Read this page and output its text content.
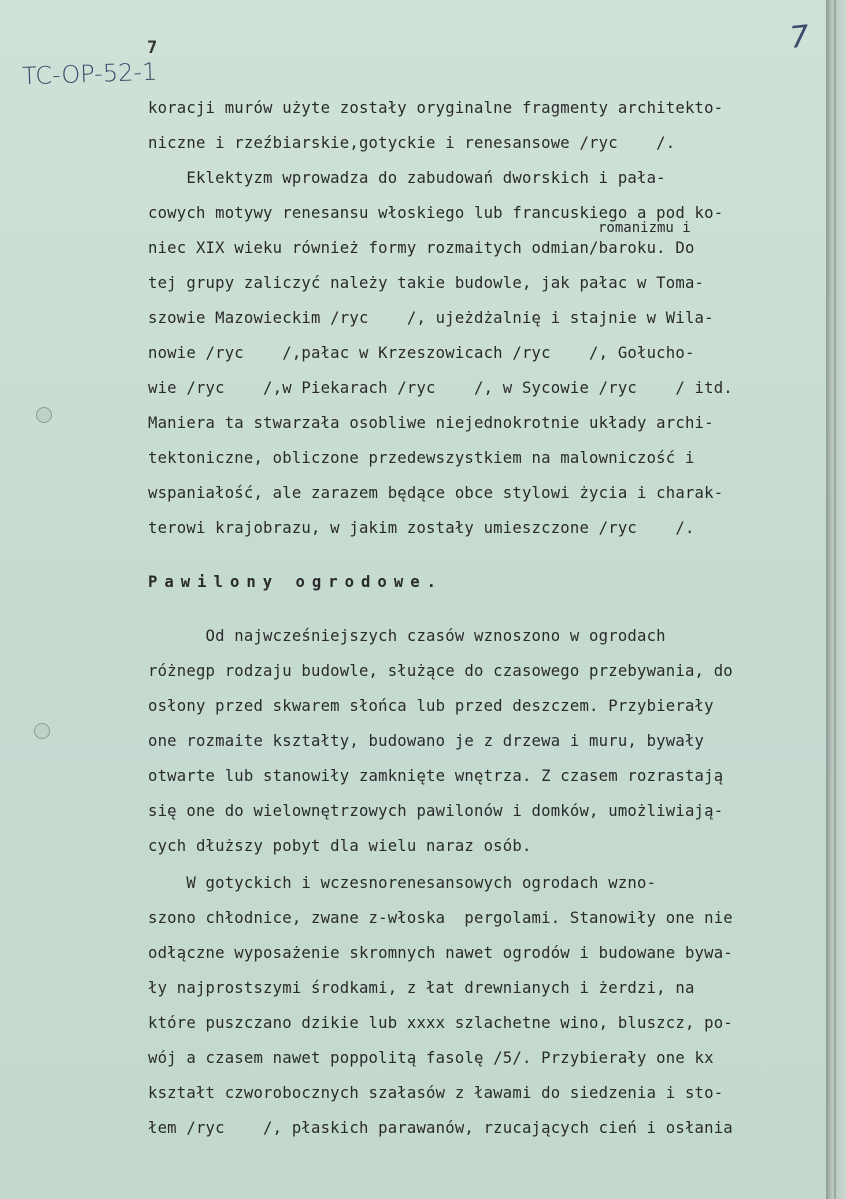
7	7
TC-OP-52-1
koracji murów użyte zostały oryginalne fragmenty architekto-
niczne i rzeźbiarskie,gotyckie i renesansowe /ryc    /.
Eklektyzm wprowadza do zabudowań dworskich i pała-
cowych motywy renesansu włoskiego lub francuskiego a pod ko-
romanizmu i
niec XIX wieku również formy rozmaitych odmian/baroku. Do
tej grupy zaliczyć należy takie budowle, jak pałac w Toma-
szowie Mazowieckim /ryc    /, ujeżdżalnię i stajnie w Wila-
nowie /ryc    /,pałac w Krzeszowicach /ryc    /, Gołucho-
wie /ryc    /,w Piekarach /ryc    /, w Sycowie /ryc    / itd.
Maniera ta stwarzała osobliwe niejednokrotnie układy archi-
tektoniczne, obliczone przedewszystkiem na malowniczość i
wspaniałość, ale zarazem będące obce stylowi życia i charak-
terowi krajobrazu, w jakim zostały umieszczone /ryc    /.
Pawilony ogrodowe.
Od najwcześniejszych czasów wznoszono w ogrodach
różnegp rodzaju budowle, służące do czasowego przebywania, do
osłony przed skwarem słońca lub przed deszczem. Przybierały
one rozmaite kształty, budowano je z drzewa i muru, bywały
otwarte lub stanowiły zamknięte wnętrza. Z czasem rozrastają
się one do wielownętrzowych pawilonów i domków, umożliwiają-
cych dłuższy pobyt dla wielu naraz osób.
W gotyckich i wczesnorenesansowych ogrodach wzno-
szono chłodnice, zwane z-włoska  pergolami. Stanowiły one nie
odłączne wyposażenie skromnych nawet ogrodów i budowane bywa-
ły najprostszymi środkami, z łat drewnianych i żerdzi, na
które puszczano dzikie lub xxxx szlachetne wino, bluszcz, po-
wój a czasem nawet poppolitą fasolę /5/. Przybierały one kx
kształt czworobocznych szałasów z ławami do siedzenia i sto-
łem /ryc    /, płaskich parawanów, rzucających cień i osłania
